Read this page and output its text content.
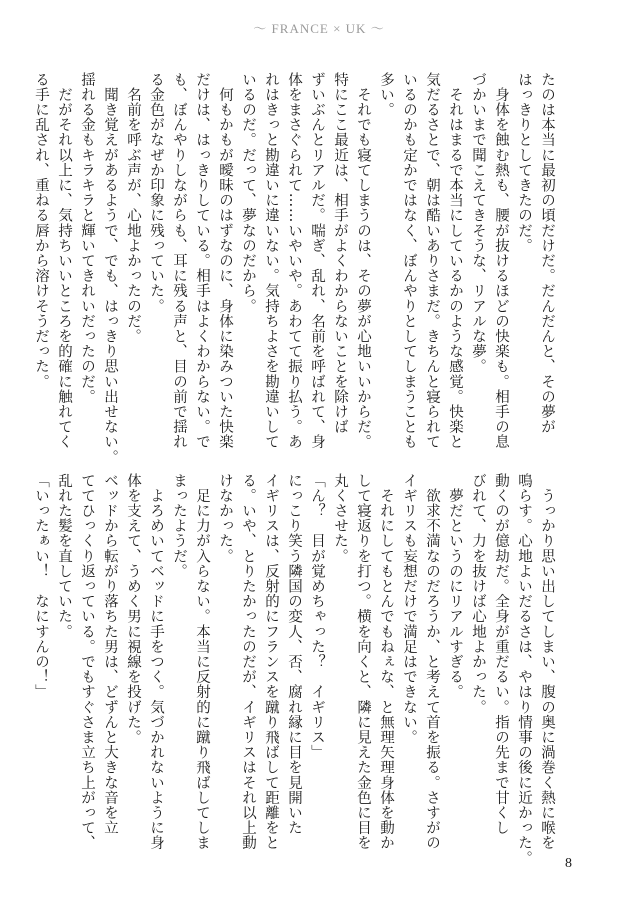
〜 FRANCE × UK 〜
たのは本当に最初の頃だけだ。だんだんと、その夢が
はっきりとしてきたのだ。
　身体を蝕む熱も、腰が抜けるほどの快楽も。相手の息
づかいまで聞こえてきそうな、リアルな夢。
　それはまるで本当にしているかのような感覚。快楽と
気だるさとで、朝は酷いありさまだ。きちんと寝られて
いるのかも定かではなく、ぼんやりとしてしまうことも
多い。
　それでも寝てしまうのは、その夢が心地いいからだ。
特にここ最近は、相手がよくわからないことを除けば
ずいぶんとリアルだ。喘ぎ、乱れ、名前を呼ばれて、身
体をまさぐられて……いやいや。あわてて振り払う。あ
れはきっと勘違いに違いない。気持ちよさを勘違いして
いるのだ。だって、夢なのだから。
　何もかもが曖昧のはずなのに、身体に染みついた快楽
だけは、はっきりしている。相手はよくわからない。で
も、ぼんやりしながらも、耳に残る声と、目の前で揺れ
る金色がなぜか印象に残っていた。
　名前を呼ぶ声が、心地よかったのだ。
　聞き覚えがあるようで、でも、はっきり思い出せない。
揺れる金もキラキラと輝いてきれいだったのだ。
　だがそれ以上に、気持ちいいところを的確に触れてく
る手に乱され、重ねる唇から溶けそうだった。
　うっかり思い出してしまい、腹の奥に渦巻く熱に喉を
鳴らす。心地よいだるさは、やはり情事の後に近かった。
動くのが億劫だ。全身が重だるい。指の先まで甘くし
びれて、力を抜けば心地よかった。
　夢だというのにリアルすぎる。
　欲求不満なのだろうか、と考えて首を振る。さすがの
イギリスも妄想だけで満足はできない。
　それにしてもとんでもねぇな、と無理矢理身体を動か
して寝返りを打つ。横を向くと、隣に見えた金色に目を
丸くさせた。
「ん？　目が覚めちゃった？　イギリス」
にっこり笑う隣国の変人、否、腐れ縁に目を見開いた
イギリスは、反射的にフランスを蹴り飛ばして距離をと
る。いや、とりたかったのだが、イギリスはそれ以上動
けなかった。
　足に力が入らない。本当に反射的に蹴り飛ばしてしま
まったようだ。
　よろめいてベッドに手をつく。気づかれないように身
体を支えて、うめく男に視線を投げた。
ベッドから転がり落ちた男は、どずんと大きな音を立
ててひっくり返っている。でもすぐさま立ち上がって、
乱れた髪を直していた。
「いったぁい！　なにすんの！」
8
